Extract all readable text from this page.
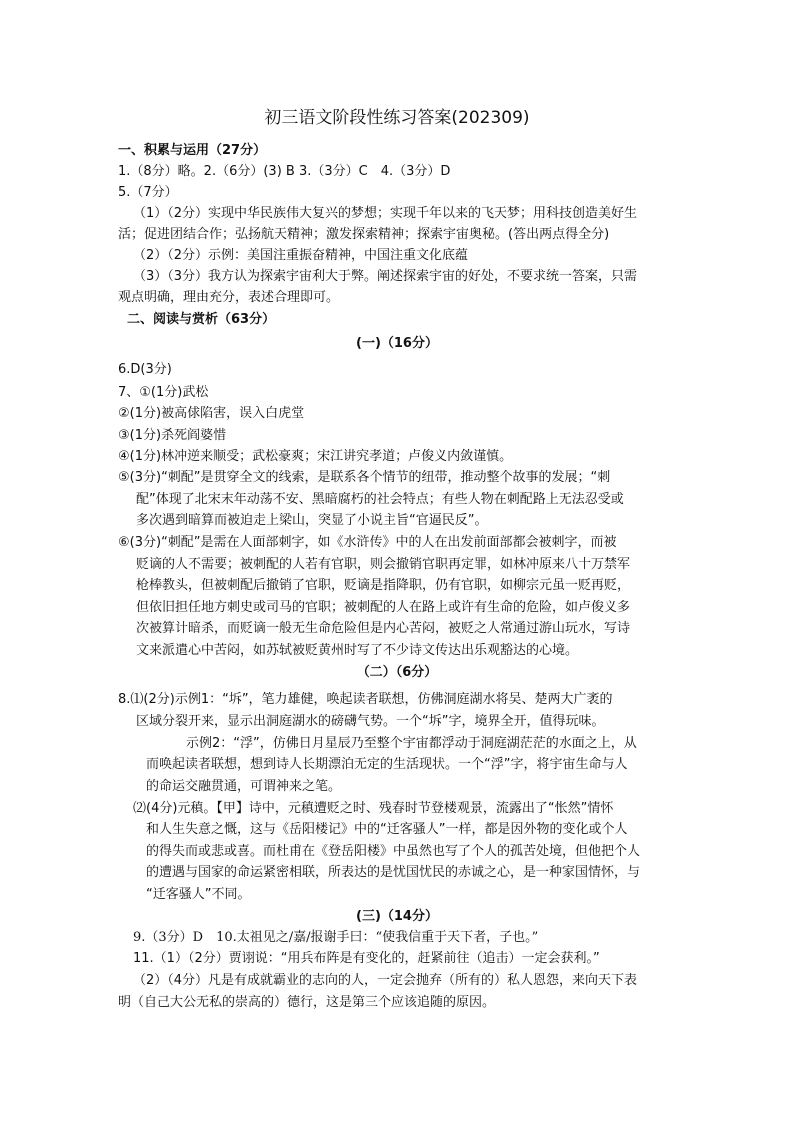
初三语文阶段性练习答案(202309)
一、积累与运用（27分）
1.（8分）略。2.（6分）(3) B 3.（3分）C　4.（3分）D
5.（7分）
（1）（2分）实现中华民族伟大复兴的梦想；实现千年以来的飞天梦；用科技创造美好生
活；促进团结合作；弘扬航天精神；激发探索精神；探索宇宙奥秘。(答出两点得全分)
（2）（2分）示例：美国注重振奋精神，中国注重文化底蕴
（3）（3分）我方认为探索宇宙利大于弊。阐述探索宇宙的好处，不要求统一答案，只需
观点明确，理由充分，表述合理即可。
二、阅读与赏析（63分）
(一)（16分）
6.D(3分)
7、①(1分)武松
②(1分)被高俅陷害，误入白虎堂
③(1分)杀死阎婆惜
④(1分)林冲逆来顺受；武松豪爽；宋江讲究孝道；卢俊义内敛谨慎。
⑤(3分)“刺配”是贯穿全文的线索，是联系各个情节的纽带，推动整个故事的发展；“刺
配”体现了北宋末年动荡不安、黑暗腐朽的社会特点；有些人物在刺配路上无法忍受或
多次遇到暗算而被迫走上梁山，突显了小说主旨“官逼民反”。
⑥(3分)“刺配”是需在人面部刺字，如《水浒传》中的人在出发前面部都会被刺字，而被
贬谪的人不需要；被刺配的人若有官职，则会撤销官职再定罪，如林冲原来八十万禁军
枪棒教头，但被刺配后撤销了官职，贬谪是指降职，仍有官职，如柳宗元虽一贬再贬，
但依旧担任地方刺史或司马的官职；被刺配的人在路上或许有生命的危险，如卢俊义多
次被算计暗杀，而贬谪一般无生命危险但是内心苦闷，被贬之人常通过游山玩水，写诗
文来派遣心中苦闷，如苏轼被贬黄州时写了不少诗文传达出乐观豁达的心境。
（二）（6分）
8.⑴(2分)示例1：“坼”，笔力雄健，唤起读者联想，仿佛洞庭湖水将吴、楚两大广袤的
区域分裂开来，显示出洞庭湖水的磅礴气势。一个“坼”字，境界全开，值得玩味。
示例2：“浮”，仿佛日月星辰乃至整个宇宙都浮动于洞庭湖茫茫的水面之上，从
而唤起读者联想，想到诗人长期漂泊无定的生活现状。一个“浮”字，将宇宙生命与人
的命运交融贯通，可谓神来之笔。
⑵(4分)元稹。【甲】诗中，元稹遭贬之时、残春时节登楼观景，流露出了“怅然”情怀
和人生失意之慨，这与《岳阳楼记》中的“迁客骚人”一样，都是因外物的变化或个人
的得失而或悲或喜。而杜甫在《登岳阳楼》中虽然也写了个人的孤苦处境，但他把个人
的遭遇与国家的命运紧密相联，所表达的是忧国忧民的赤诚之心，是一种家国情怀，与
“迁客骚人”不同。
(三)（14分）
9.（3分）D　10.太祖见之/嘉/报谢手曰：“使我信重于天下者，子也。”
11.（1）（2分）贾诩说：“用兵布阵是有变化的，赶紧前往（追击）一定会获利。”
（2）（4分）凡是有成就霸业的志向的人，一定会抛弃（所有的）私人恩怨，来向天下表
明（自己大公无私的崇高的）德行，这是第三个应该追随的原因。
